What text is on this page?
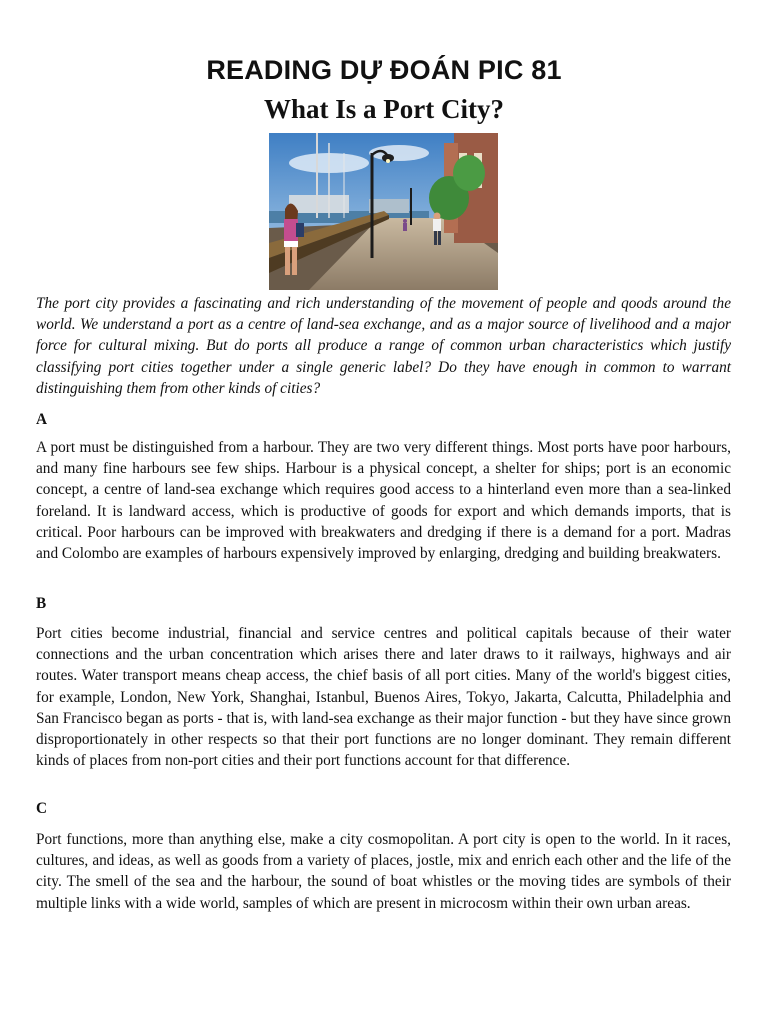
READING DỰ ĐOÁN PIC 81
What Is a Port City?

The port city provides a fascinating and rich understanding of the movement of people and qoods around the world. We understand a port as a centre of land-sea exchange, and as a major source of livelihood and a major force for cultural mixing. But do ports all produce a range of common urban characteristics which justify classifying port cities together under a single generic label? Do they have enough in common to warrant distinguishing them from other kinds of cities?

A

A port must be distinguished from a harbour. They are two very different things. Most ports have poor harbours, and many fine harbours see few ships. Harbour is a physical concept, a shelter for ships; port is an economic concept, a centre of land-sea exchange which requires good access to a hinterland even more than a sea-linked foreland. It is landward access, which is productive of goods for export and which demands imports, that is critical. Poor harbours can be improved with breakwaters and dredging if there is a demand for a port. Madras and Colombo are examples of harbours expensively improved by enlarging, dredging and building breakwaters.

B

Port cities become industrial, financial and service centres and political capitals because of their water connections and the urban concentration which arises there and later draws to it railways, highways and air routes. Water transport means cheap access, the chief basis of all port cities. Many of the world's biggest cities, for example, London, New York, Shanghai, Istanbul, Buenos Aires, Tokyo, Jakarta, Calcutta, Philadelphia and San Francisco began as ports - that is, with land-sea exchange as their major function - but they have since grown disproportionately in other respects so that their port functions are no longer dominant. They remain different kinds of places from non-port cities and their port functions account for that difference.

C

Port functions, more than anything else, make a city cosmopolitan. A port city is open to the world. In it races, cultures, and ideas, as well as goods from a variety of places, jostle, mix and enrich each other and the life of the city. The smell of the sea and the harbour, the sound of boat whistles or the moving tides are symbols of their multiple links with a wide world, samples of which are present in microcosm within their own urban areas.
